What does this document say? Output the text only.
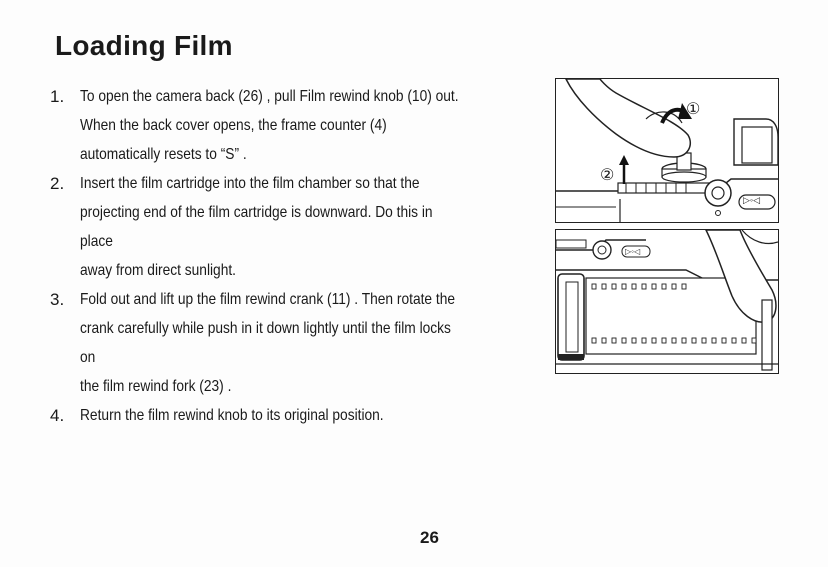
Loading Film
1. To open the camera back (26) , pull Film rewind knob (10) out.
When the back cover opens, the frame counter (4)
automatically resets to “S” .
2. Insert the film cartridge into the film chamber so that the
projecting end of the film cartridge is downward. Do this in place
away from direct sunlight.
3. Fold out and lift up the film rewind crank (11) . Then rotate the
crank carefully while push in it down lightly until the film locks on
the film rewind fork (23) .
4. Return the film rewind knob to its original position.
①
②
▷◦◁
▷◦◁
26
